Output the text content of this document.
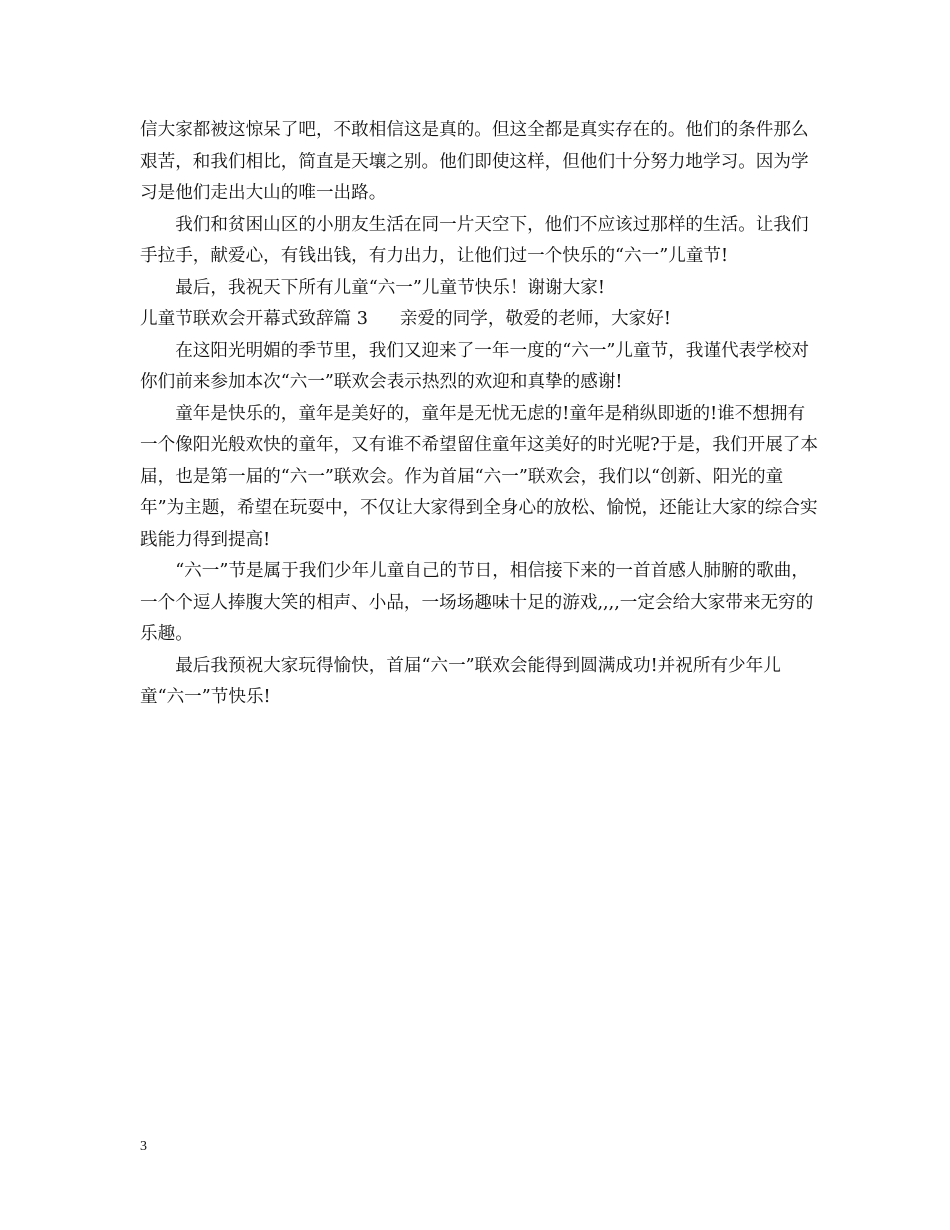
信大家都被这惊呆了吧，不敢相信这是真的。但这全都是真实存在的。他们的条件那么艰苦，和我们相比，简直是天壤之别。他们即使这样，但他们十分努力地学习。因为学习是他们走出大山的唯一出路。

我们和贫困山区的小朋友生活在同一片天空下，他们不应该过那样的生活。让我们手拉手，献爱心，有钱出钱，有力出力，让他们过一个快乐的“六一”儿童节!

最后，我祝天下所有儿童“六一”儿童节快乐！谢谢大家!

儿童节联欢会开幕式致辞篇 3 亲爱的同学，敬爱的老师，大家好!

在这阳光明媚的季节里，我们又迎来了一年一度的“六一”儿童节，我谨代表学校对你们前来参加本次“六一”联欢会表示热烈的欢迎和真挚的感谢!

童年是快乐的，童年是美好的，童年是无忧无虑的!童年是稍纵即逝的!谁不想拥有一个像阳光般欢快的童年，又有谁不希望留住童年这美好的时光呢?于是，我们开展了本届，也是第一届的“六一”联欢会。作为首届“六一”联欢会，我们以“创新、阳光的童年”为主题，希望在玩耍中，不仅让大家得到全身心的放松、愉悦，还能让大家的综合实践能力得到提高!

“六一”节是属于我们少年儿童自己的节日，相信接下来的一首首感人肺腑的歌曲，一个个逗人捧腹大笑的相声、小品，一场场趣味十足的游戏,,,,一定会给大家带来无穷的乐趣。

最后我预祝大家玩得愉快，首届“六一”联欢会能得到圆满成功!并祝所有少年儿童“六一”节快乐!

3
